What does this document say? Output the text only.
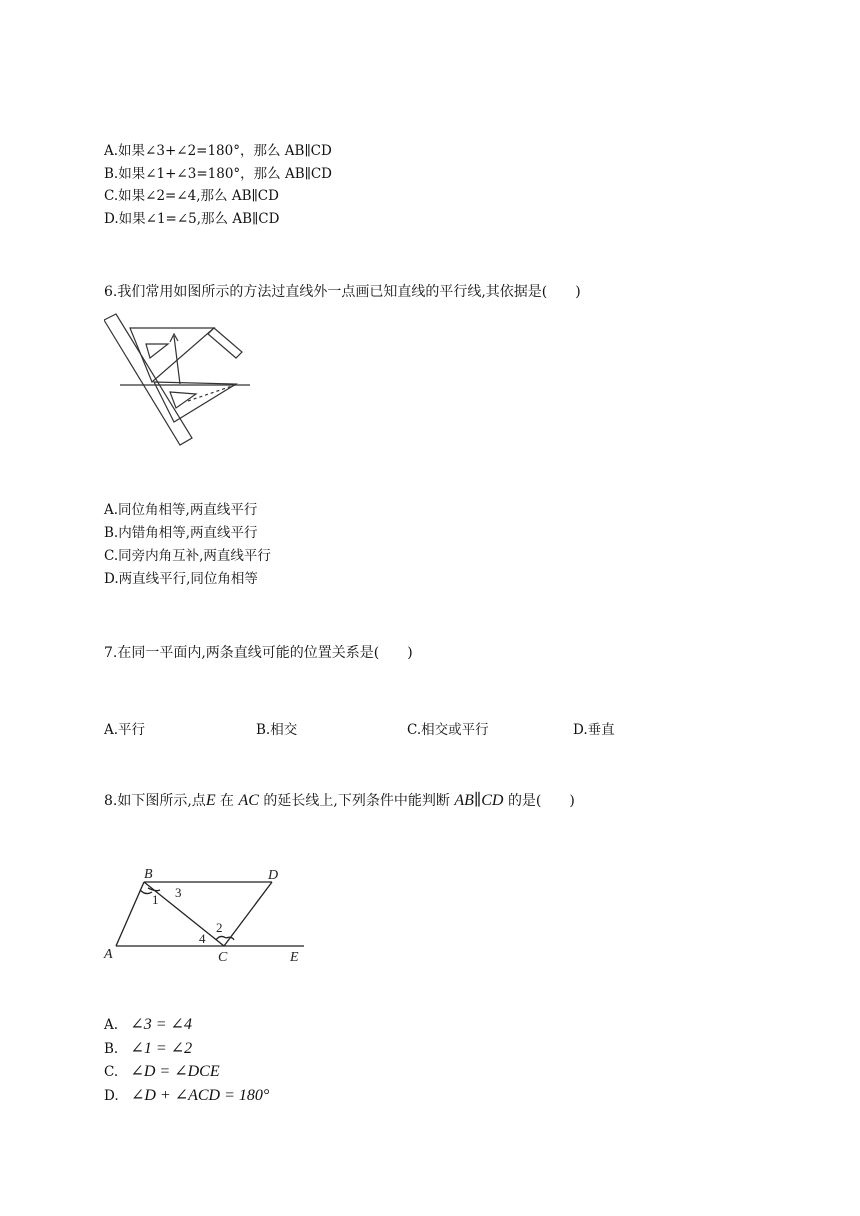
A.如果∠3+∠2=180°，那么 AB∥CD
B.如果∠1+∠3=180°，那么 AB∥CD
C.如果∠2=∠4,那么 AB∥CD
D.如果∠1=∠5,那么 AB∥CD
6.我们常用如图所示的方法过直线外一点画已知直线的平行线,其依据是(　　)
A.同位角相等,两直线平行
B.内错角相等,两直线平行
C.同旁内角互补,两直线平行
D.两直线平行,同位角相等
7.在同一平面内,两条直线可能的位置关系是(　　)
A.平行	B.相交	C.相交或平行	D.垂直
8.如下图所示,点E 在 AC 的延长线上,下列条件中能判断 AB∥CD 的是(　　)
B	D
A	C	E
1 3
2
4
A. ∠3 = ∠4
B. ∠1 = ∠2
C. ∠D = ∠DCE
D. ∠D + ∠ACD = 180°
